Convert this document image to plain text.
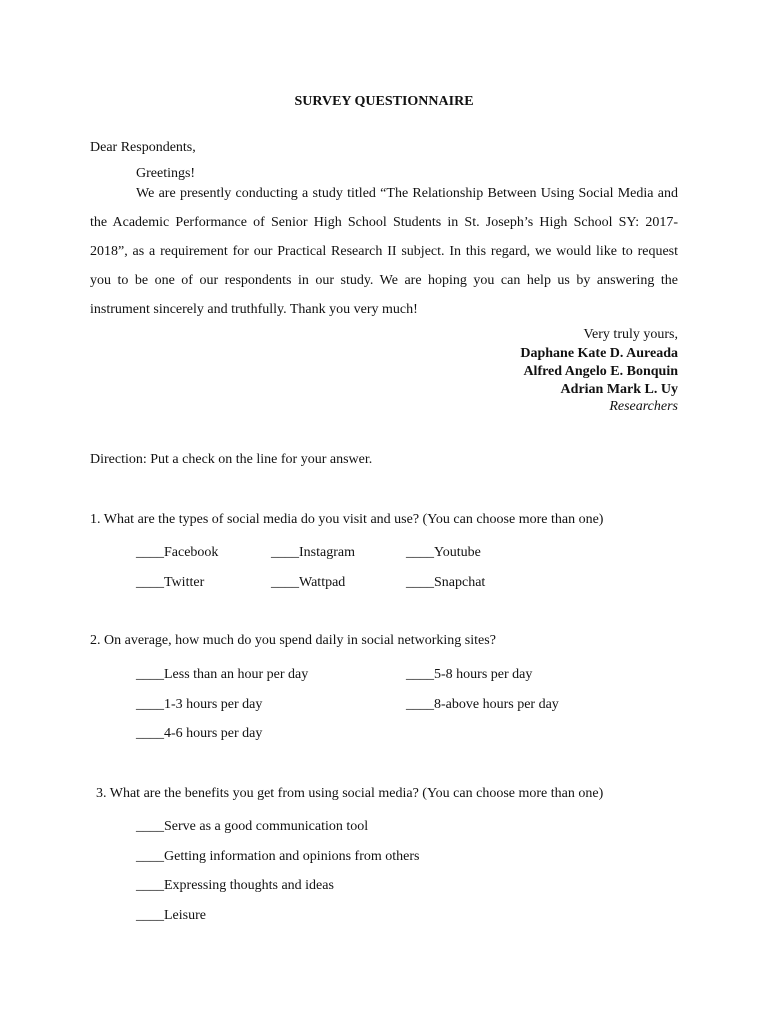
SURVEY QUESTIONNAIRE
Dear Respondents,
Greetings!
We are presently conducting a study titled “The Relationship Between Using Social Media and the Academic Performance of Senior High School Students in St. Joseph’s High School SY: 2017-2018”, as a requirement for our Practical Research II subject. In this regard, we would like to request you to be one of our respondents in our study. We are hoping you can help us by answering the instrument sincerely and truthfully. Thank you very much!
Very truly yours,
Daphane Kate D. Aureada
Alfred Angelo E. Bonquin
Adrian Mark L. Uy
Researchers
Direction: Put a check on the line for your answer.
1. What are the types of social media do you visit and use? (You can choose more than one)
____Facebook	____Instagram	____Youtube
____Twitter	____Wattpad	____Snapchat
2. On average, how much do you spend daily in social networking sites?
____Less than an hour per day	____5-8 hours per day
____1-3 hours per day	____8-above hours per day
____4-6 hours per day
3. What are the benefits you get from using social media? (You can choose more than one)
____Serve as a good communication tool
____Getting information and opinions from others
____Expressing thoughts and ideas
____Leisure
